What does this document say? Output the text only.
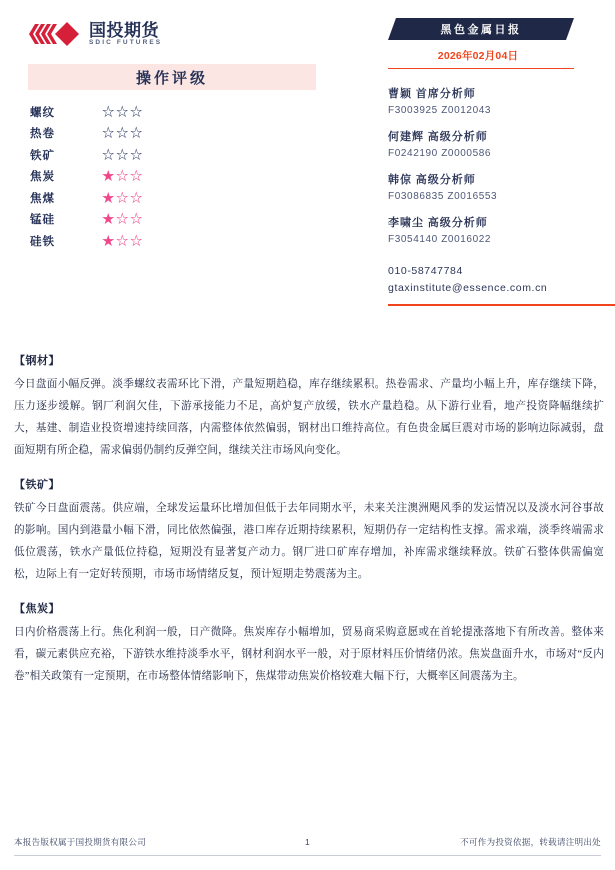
国投期货
SDIC FUTURES
操作评级
螺纹	☆☆☆
热卷	☆☆☆
铁矿	☆☆☆
焦炭	★☆☆
焦煤	★☆☆
锰硅	★☆☆
硅铁	★☆☆
黑色金属日报
2026年02月04日
曹颖 首席分析师
F3003925 Z0012043
何建辉 高级分析师
F0242190 Z0000586
韩倞 高级分析师
F03086835 Z0016553
李啸尘 高级分析师
F3054140 Z0016022
010-58747784
gtaxinstitute@essence.com.cn
【钢材】
今日盘面小幅反弹。淡季螺纹表需环比下滑，产量短期趋稳，库存继续累积。热卷需求、产量均小幅上升，库存继续下降，压力逐步缓解。钢厂利润欠佳，下游承接能力不足，高炉复产放缓，铁水产量趋稳。从下游行业看，地产投资降幅继续扩大，基建、制造业投资增速持续回落，内需整体依然偏弱，钢材出口维持高位。有色贵金属巨震对市场的影响边际减弱，盘面短期有所企稳，需求偏弱仍制约反弹空间，继续关注市场风向变化。
【铁矿】
铁矿今日盘面震荡。供应端，全球发运量环比增加但低于去年同期水平，未来关注澳洲飓风季的发运情况以及淡水河谷事故的影响。国内到港量小幅下滑，同比依然偏强，港口库存近期持续累积，短期仍存一定结构性支撑。需求端，淡季终端需求低位震荡，铁水产量低位持稳，短期没有显著复产动力。钢厂进口矿库存增加，补库需求继续释放。铁矿石整体供需偏宽松，边际上有一定好转预期，市场市场情绪反复，预计短期走势震荡为主。
【焦炭】
日内价格震荡上行。焦化利润一般，日产微降。焦炭库存小幅增加，贸易商采购意愿或在首轮提涨落地下有所改善。整体来看，碳元素供应充裕，下游铁水维持淡季水平，钢材利润水平一般，对于原材料压价情绪仍浓。焦炭盘面升水，市场对“反内卷”相关政策有一定预期，在市场整体情绪影响下，焦煤带动焦炭价格较难大幅下行，大概率区间震荡为主。
本报告版权属于国投期货有限公司	1	不可作为投资依据，转载请注明出处
